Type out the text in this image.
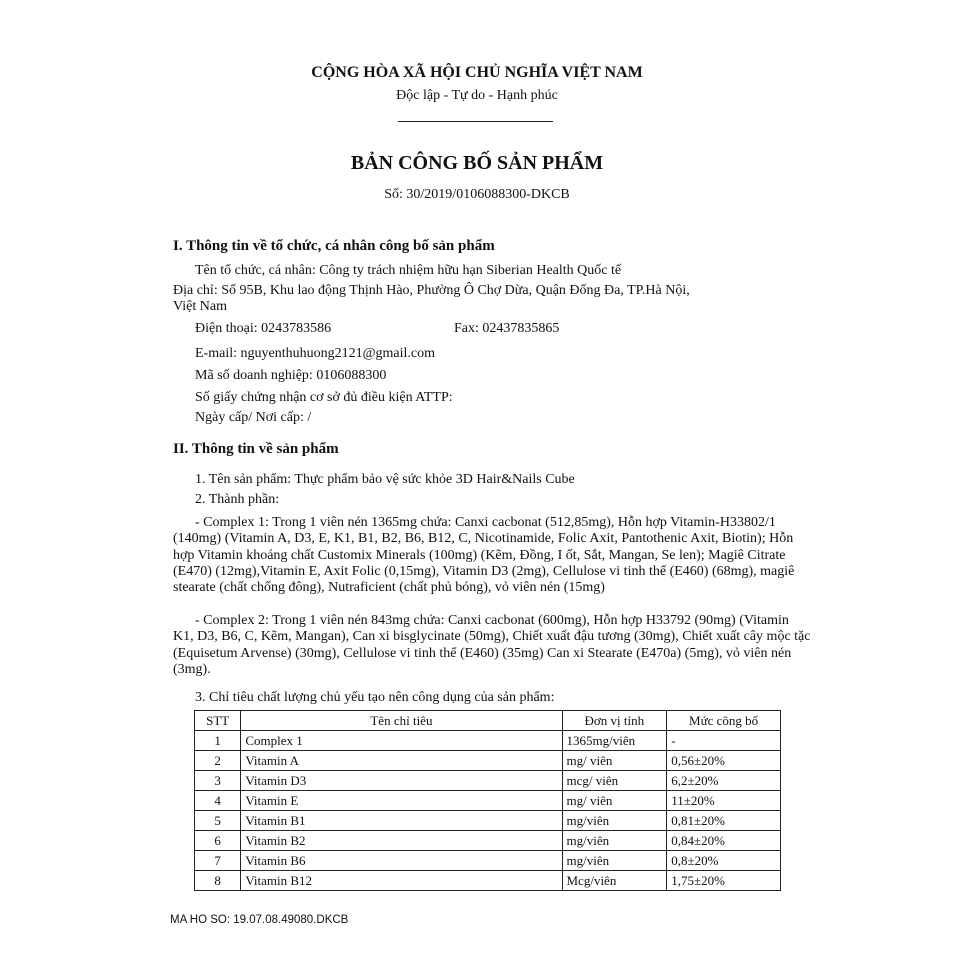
CỘNG HÒA XÃ HỘI CHỦ NGHĨA VIỆT NAM
Độc lập - Tự do - Hạnh phúc
BẢN CÔNG BỐ SẢN PHẨM
Số: 30/2019/0106088300-DKCB
I. Thông tin về tổ chức, cá nhân công bố sản phẩm
Tên tổ chức, cá nhân: Công ty trách nhiệm hữu hạn Siberian Health Quốc tế
Địa chỉ: Số 95B, Khu lao động Thịnh Hào, Phường Ô Chợ Dừa, Quận Đống Đa, TP.Hà Nội,
Việt Nam
Điện thoại: 0243783586	Fax: 02437835865
E-mail: nguyenthuhuong2121@gmail.com
Mã số doanh nghiệp: 0106088300
Số giấy chứng nhận cơ sở đủ điều kiện ATTP:
Ngày cấp/ Nơi cấp: /
II. Thông tin về sản phẩm
1. Tên sản phẩm: Thực phẩm bảo vệ sức khỏe 3D Hair&Nails Cube
2. Thành phần:
- Complex 1: Trong 1 viên nén 1365mg chứa: Canxi cacbonat (512,85mg), Hỗn hợp Vitamin-H33802/1 (140mg) (Vitamin A, D3, E, K1, B1, B2, B6, B12, C, Nicotinamide, Folic Axit, Pantothenic Axit, Biotin); Hỗn hợp Vitamin khoáng chất Customix Minerals (100mg) (Kẽm, Đồng, I ốt, Sắt, Mangan, Se len); Magiê Citrate (E470) (12mg),Vitamin E, Axit Folic (0,15mg), Vitamin D3 (2mg), Cellulose vi tinh thể (E460) (68mg), magiê stearate (chất chống đông), Nutraficient (chất phủ bóng), vỏ viên nén (15mg)
- Complex 2: Trong 1 viên nén 843mg chứa: Canxi cacbonat (600mg), Hỗn hợp H33792 (90mg) (Vitamin K1, D3, B6, C, Kẽm, Mangan), Can xi bisglycinate (50mg), Chiết xuất đậu tương (30mg), Chiết xuất cây mộc tặc (Equisetum Arvense) (30mg), Cellulose vi tinh thể (E460) (35mg) Can xi Stearate (E470a) (5mg), vỏ viên nén (3mg).
3. Chỉ tiêu chất lượng chủ yếu tạo nên công dụng của sản phẩm:
STT	Tên chỉ tiêu	Đơn vị tính	Mức công bố
1	Complex 1	1365mg/viên	-
2	Vitamin A	mg/ viên	0,56±20%
3	Vitamin D3	mcg/ viên	6,2±20%
4	Vitamin E	mg/ viên	11±20%
5	Vitamin B1	mg/viên	0,81±20%
6	Vitamin B2	mg/viên	0,84±20%
7	Vitamin B6	mg/viên	0,8±20%
8	Vitamin B12	Mcg/viên	1,75±20%
MA HO SO: 19.07.08.49080.DKCB
